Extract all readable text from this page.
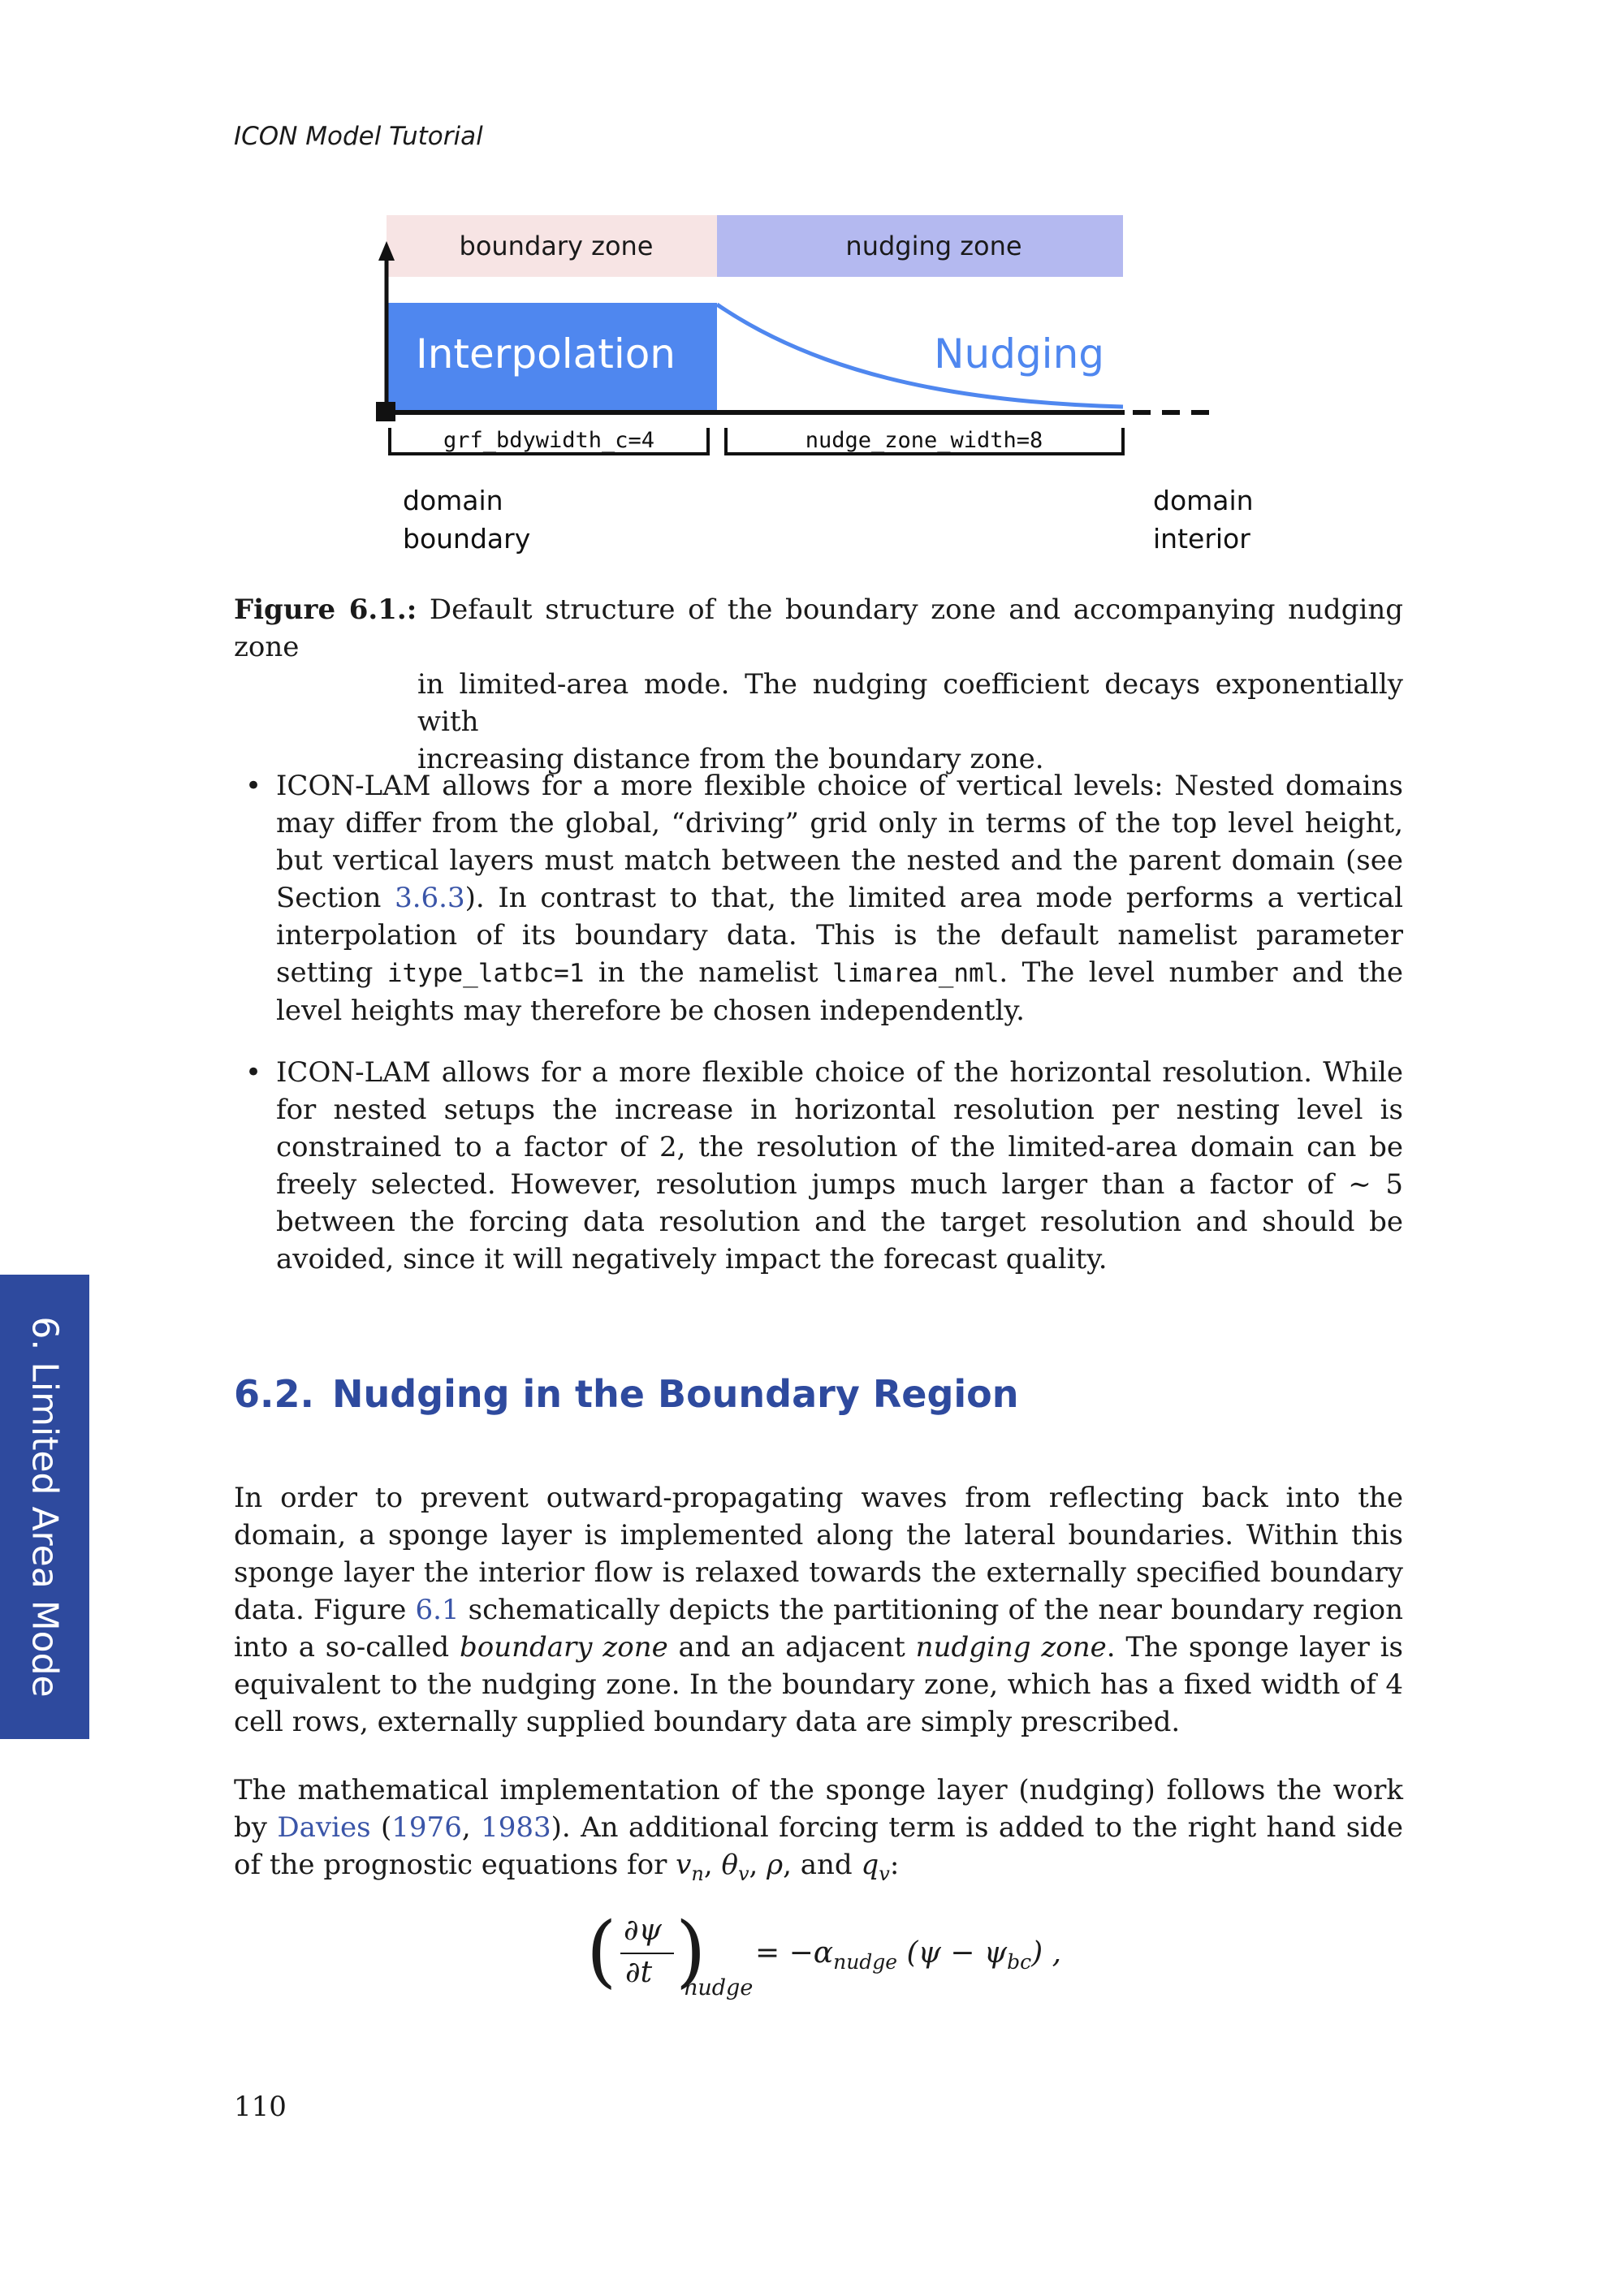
ICON Model Tutorial
boundary zone	nudging zone
Interpolation	Nudging
grf_bdywidth_c=4	nudge_zone_width=8
domain
boundary
domain
interior
Figure 6.1.: Default structure of the boundary zone and accompanying nudging zone
in limited-area mode. The nudging coefficient decays exponentially with
increasing distance from the boundary zone.
• ICON-LAM allows for a more flexible choice of vertical levels: Nested domains may differ from the global, “driving” grid only in terms of the top level height, but vertical layers must match between the nested and the parent domain (see Section 3.6.3). In contrast to that, the limited area mode performs a vertical interpolation of its boundary data. This is the default namelist parameter setting itype_latbc=1 in the namelist limarea_nml. The level number and the level heights may therefore be chosen independently.
• ICON-LAM allows for a more flexible choice of the horizontal resolution. While for nested setups the increase in horizontal resolution per nesting level is constrained to a factor of 2, the resolution of the limited-area domain can be freely selected. However, resolution jumps much larger than a factor of ∼ 5 between the forcing data resolution and the target resolution and should be avoided, since it will negatively impact the forecast quality.
6. Limited Area Mode	6.2. Nudging in the Boundary Region
In order to prevent outward-propagating waves from reflecting back into the domain, a sponge layer is implemented along the lateral boundaries. Within this sponge layer the interior flow is relaxed towards the externally specified boundary data. Figure 6.1 schematically depicts the partitioning of the near boundary region into a so-called boundary zone and an adjacent nudging zone. The sponge layer is equivalent to the nudging zone. In the boundary zone, which has a fixed width of 4 cell rows, externally supplied boundary data are simply prescribed.
The mathematical implementation of the sponge layer (nudging) follows the work by Davies (1976, 1983). An additional forcing term is added to the right hand side of the prognostic equations for $v_n$, $\theta_v$, ρ, and $q_v$:
( ∂ψ
∂t )
nudge
= $-\alpha_{nudge}$ $(\psi - \psi_{bc})$ ,
110
